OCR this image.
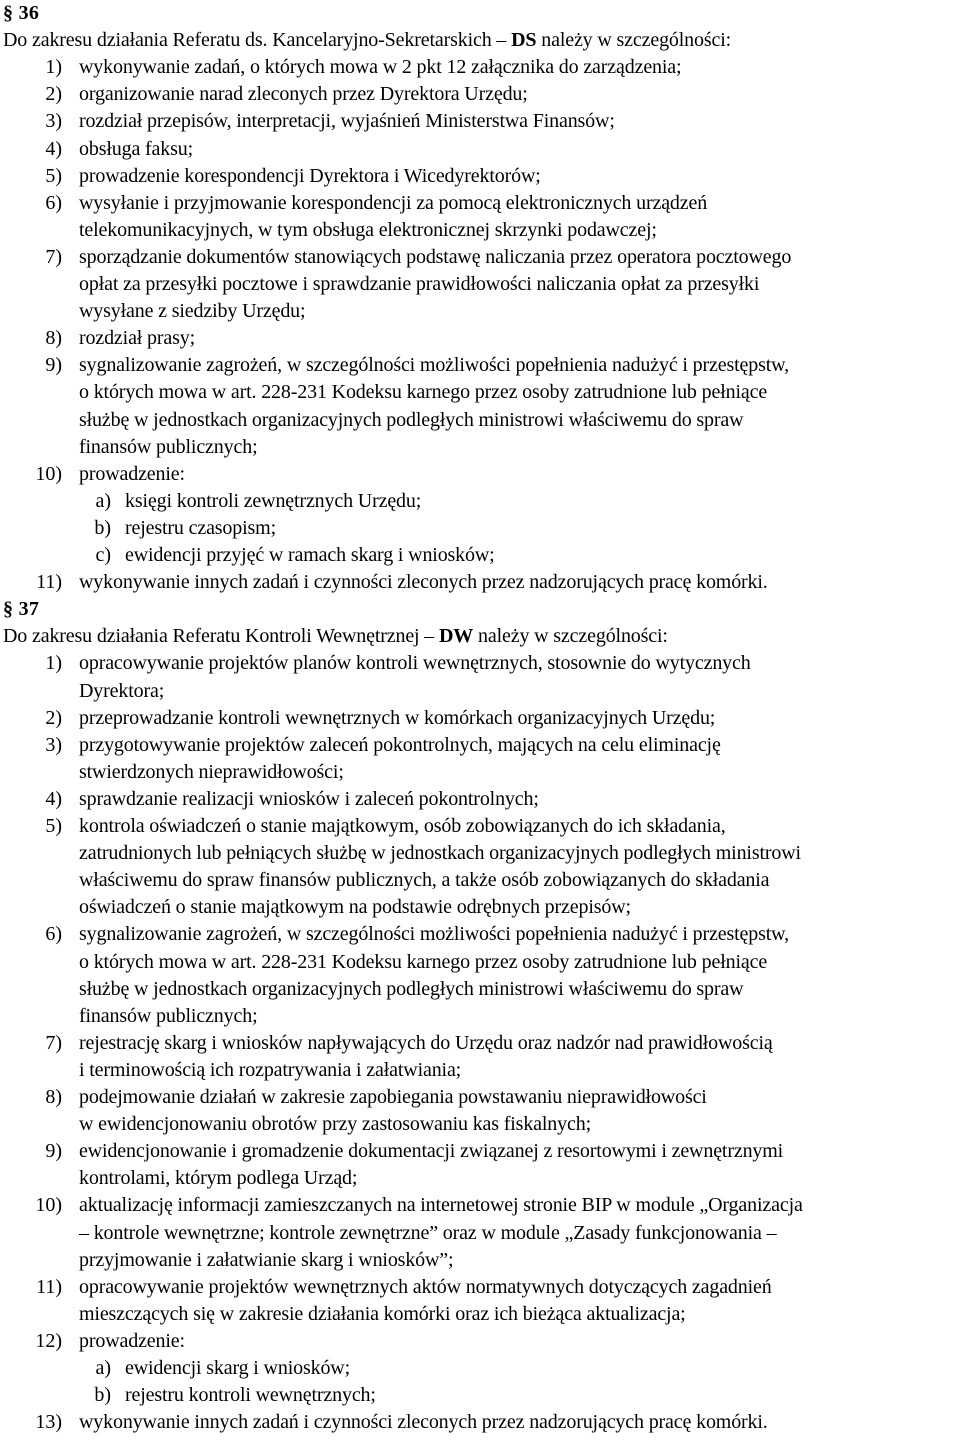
§ 36
Do zakresu działania Referatu ds. Kancelaryjno-Sekretarskich – DS należy w szczególności:
1) wykonywanie zadań, o których mowa w 2 pkt 12 załącznika do zarządzenia;
2) organizowanie narad zleconych przez Dyrektora Urzędu;
3) rozdział przepisów, interpretacji, wyjaśnień Ministerstwa Finansów;
4) obsługa faksu;
5) prowadzenie korespondencji Dyrektora i Wicedyrektorów;
6) wysyłanie i przyjmowanie korespondencji za pomocą elektronicznych urządzeń
telekomunikacyjnych, w tym obsługa elektronicznej skrzynki podawczej;
7) sporządzanie dokumentów stanowiących podstawę naliczania przez operatora pocztowego
opłat za przesyłki pocztowe i sprawdzanie prawidłowości naliczania opłat za przesyłki
wysyłane z siedziby Urzędu;
8) rozdział prasy;
9) sygnalizowanie zagrożeń, w szczególności możliwości popełnienia nadużyć i przestępstw,
o których mowa w art. 228-231 Kodeksu karnego przez osoby zatrudnione lub pełniące
służbę w jednostkach organizacyjnych podległych ministrowi właściwemu do spraw
finansów publicznych;
10) prowadzenie:
a) księgi kontroli zewnętrznych Urzędu;
b) rejestru czasopism;
c) ewidencji przyjęć w ramach skarg i wniosków;
11) wykonywanie innych zadań i czynności zleconych przez nadzorujących pracę komórki.
§ 37
Do zakresu działania Referatu Kontroli Wewnętrznej – DW należy w szczególności:
1) opracowywanie projektów planów kontroli wewnętrznych, stosownie do wytycznych
Dyrektora;
2) przeprowadzanie kontroli wewnętrznych w komórkach organizacyjnych Urzędu;
3) przygotowywanie projektów zaleceń pokontrolnych, mających na celu eliminację
stwierdzonych nieprawidłowości;
4) sprawdzanie realizacji wniosków i zaleceń pokontrolnych;
5) kontrola oświadczeń o stanie majątkowym, osób zobowiązanych do ich składania,
zatrudnionych lub pełniących służbę w jednostkach organizacyjnych podległych ministrowi
właściwemu do spraw finansów publicznych, a także osób zobowiązanych do składania
oświadczeń o stanie majątkowym na podstawie odrębnych przepisów;
6) sygnalizowanie zagrożeń, w szczególności możliwości popełnienia nadużyć i przestępstw,
o których mowa w art. 228-231 Kodeksu karnego przez osoby zatrudnione lub pełniące
służbę w jednostkach organizacyjnych podległych ministrowi właściwemu do spraw
finansów publicznych;
7) rejestrację skarg i wniosków napływających do Urzędu oraz nadzór nad prawidłowością
i terminowością ich rozpatrywania i załatwiania;
8) podejmowanie działań w zakresie zapobiegania powstawaniu nieprawidłowości
w ewidencjonowaniu obrotów przy zastosowaniu kas fiskalnych;
9) ewidencjonowanie i gromadzenie dokumentacji związanej z resortowymi i zewnętrznymi
kontrolami, którym podlega Urząd;
10) aktualizację informacji zamieszczanych na internetowej stronie BIP w module „Organizacja
– kontrole wewnętrzne; kontrole zewnętrzne” oraz w module „Zasady funkcjonowania –
przyjmowanie i załatwianie skarg i wniosków”;
11) opracowywanie projektów wewnętrznych aktów normatywnych dotyczących zagadnień
mieszczących się w zakresie działania komórki oraz ich bieżąca aktualizacja;
12) prowadzenie:
a) ewidencji skarg i wniosków;
b) rejestru kontroli wewnętrznych;
13) wykonywanie innych zadań i czynności zleconych przez nadzorujących pracę komórki.
